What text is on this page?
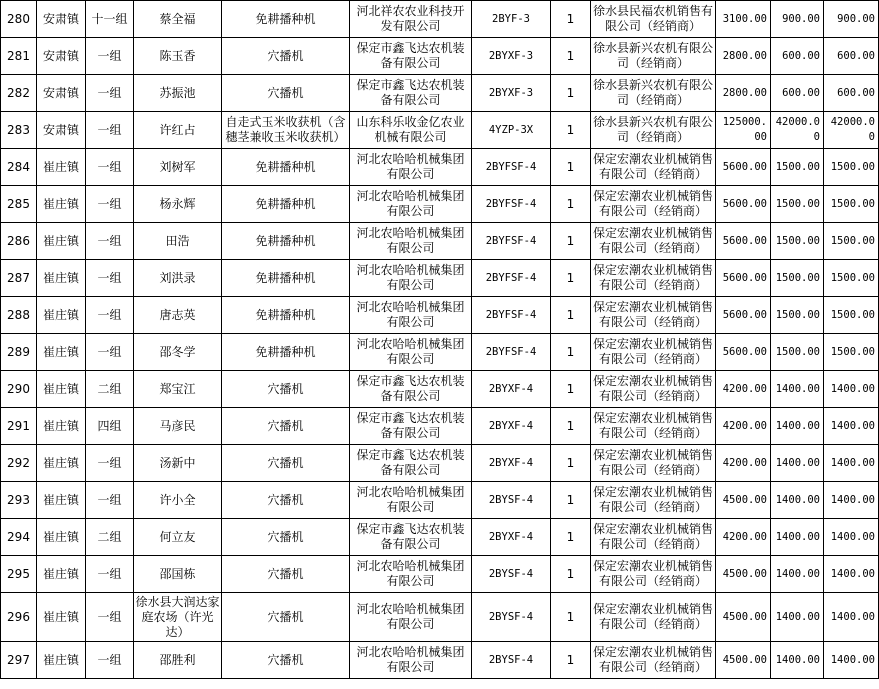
280	安肃镇	十一组	蔡全福	免耕播种机	河北祥农农业科技开发有限公司	2BYF-3	1	徐水县民福农机销售有限公司（经销商）	3100.00	900.00	900.00
281	安肃镇	一组	陈玉香	穴播机	保定市鑫飞达农机装备有限公司	2BYXF-3	1	徐水县新兴农机有限公司（经销商）	2800.00	600.00	600.00
282	安肃镇	一组	苏振池	穴播机	保定市鑫飞达农机装备有限公司	2BYXF-3	1	徐水县新兴农机有限公司（经销商）	2800.00	600.00	600.00
283	安肃镇	一组	许红占	自走式玉米收获机（含穗茎兼收玉米收获机）	山东科乐收金亿农业机械有限公司	4YZP-3X	1	徐水县新兴农机有限公司（经销商）	125000.00	42000.00	42000.00
284	崔庄镇	一组	刘树军	免耕播种机	河北农哈哈机械集团有限公司	2BYFSF-4	1	保定宏潮农业机械销售有限公司（经销商）	5600.00	1500.00	1500.00
285	崔庄镇	一组	杨永辉	免耕播种机	河北农哈哈机械集团有限公司	2BYFSF-4	1	保定宏潮农业机械销售有限公司（经销商）	5600.00	1500.00	1500.00
286	崔庄镇	一组	田浩	免耕播种机	河北农哈哈机械集团有限公司	2BYFSF-4	1	保定宏潮农业机械销售有限公司（经销商）	5600.00	1500.00	1500.00
287	崔庄镇	一组	刘洪录	免耕播种机	河北农哈哈机械集团有限公司	2BYFSF-4	1	保定宏潮农业机械销售有限公司（经销商）	5600.00	1500.00	1500.00
288	崔庄镇	一组	唐志英	免耕播种机	河北农哈哈机械集团有限公司	2BYFSF-4	1	保定宏潮农业机械销售有限公司（经销商）	5600.00	1500.00	1500.00
289	崔庄镇	一组	邵冬学	免耕播种机	河北农哈哈机械集团有限公司	2BYFSF-4	1	保定宏潮农业机械销售有限公司（经销商）	5600.00	1500.00	1500.00
290	崔庄镇	二组	郑宝江	穴播机	保定市鑫飞达农机装备有限公司	2BYXF-4	1	保定宏潮农业机械销售有限公司（经销商）	4200.00	1400.00	1400.00
291	崔庄镇	四组	马彦民	穴播机	保定市鑫飞达农机装备有限公司	2BYXF-4	1	保定宏潮农业机械销售有限公司（经销商）	4200.00	1400.00	1400.00
292	崔庄镇	一组	汤新中	穴播机	保定市鑫飞达农机装备有限公司	2BYXF-4	1	保定宏潮农业机械销售有限公司（经销商）	4200.00	1400.00	1400.00
293	崔庄镇	一组	许小全	穴播机	河北农哈哈机械集团有限公司	2BYSF-4	1	保定宏潮农业机械销售有限公司（经销商）	4500.00	1400.00	1400.00
294	崔庄镇	二组	何立友	穴播机	保定市鑫飞达农机装备有限公司	2BYXF-4	1	保定宏潮农业机械销售有限公司（经销商）	4200.00	1400.00	1400.00
295	崔庄镇	一组	邵国栋	穴播机	河北农哈哈机械集团有限公司	2BYSF-4	1	保定宏潮农业机械销售有限公司（经销商）	4500.00	1400.00	1400.00
296	崔庄镇	一组	徐水县大润达家庭农场（许光达）	穴播机	河北农哈哈机械集团有限公司	2BYSF-4	1	保定宏潮农业机械销售有限公司（经销商）	4500.00	1400.00	1400.00
297	崔庄镇	一组	邵胜利	穴播机	河北农哈哈机械集团有限公司	2BYSF-4	1	保定宏潮农业机械销售有限公司（经销商）	4500.00	1400.00	1400.00
